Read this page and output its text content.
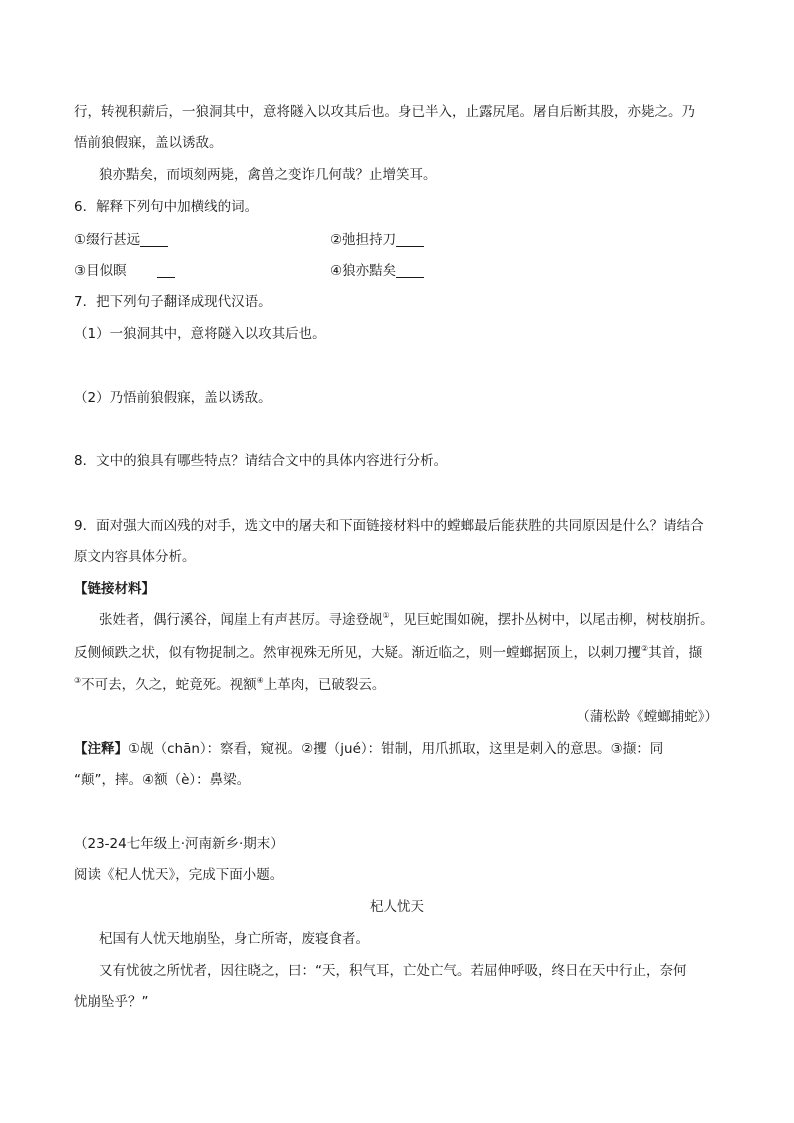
行，转视积薪后，一狼洞其中，意将隧入以攻其后也。身已半入，止露尻尾。屠自后断其股，亦毙之。乃
悟前狼假寐，盖以诱敌。
狼亦黠矣，而顷刻两毙，禽兽之变诈几何哉？止增笑耳。
6．解释下列句中加横线的词。
①缀行甚远	②弛担持刀
③目似瞑	④狼亦黠矣
7．把下列句子翻译成现代汉语。
（1）一狼洞其中，意将隧入以攻其后也。
（2）乃悟前狼假寐，盖以诱敌。
8．文中的狼具有哪些特点？请结合文中的具体内容进行分析。
9．面对强大而凶残的对手，选文中的屠夫和下面链接材料中的螳螂最后能获胜的共同原因是什么？请结合
原文内容具体分析。
【链接材料】
张姓者，偶行溪谷，闻崖上有声甚厉。寻途登觇①，见巨蛇围如碗，摆扑丛树中，以尾击柳，树枝崩折。
反侧倾跌之状，似有物捉制之。然审视殊无所见，大疑。渐近临之，则一螳螂据顶上，以刺刀攫②其首，撷
③不可去，久之，蛇竟死。视额④上革肉，已破裂云。
（蒲松龄《螳螂捕蛇》）
【注释】①觇（chān）：察看，窥视。②攫（jué）：钳制，用爪抓取，这里是刺入的意思。③撷：同
“颠”，摔。④额（è）：鼻梁。
（23-24七年级上·河南新乡·期末）
阅读《杞人忧天》，完成下面小题。
杞人忧天
杞国有人忧天地崩坠，身亡所寄，废寝食者。
又有忧彼之所忧者，因往晓之，曰：“天，积气耳，亡处亡气。若屈伸呼吸，终日在天中行止，奈何
忧崩坠乎？”
